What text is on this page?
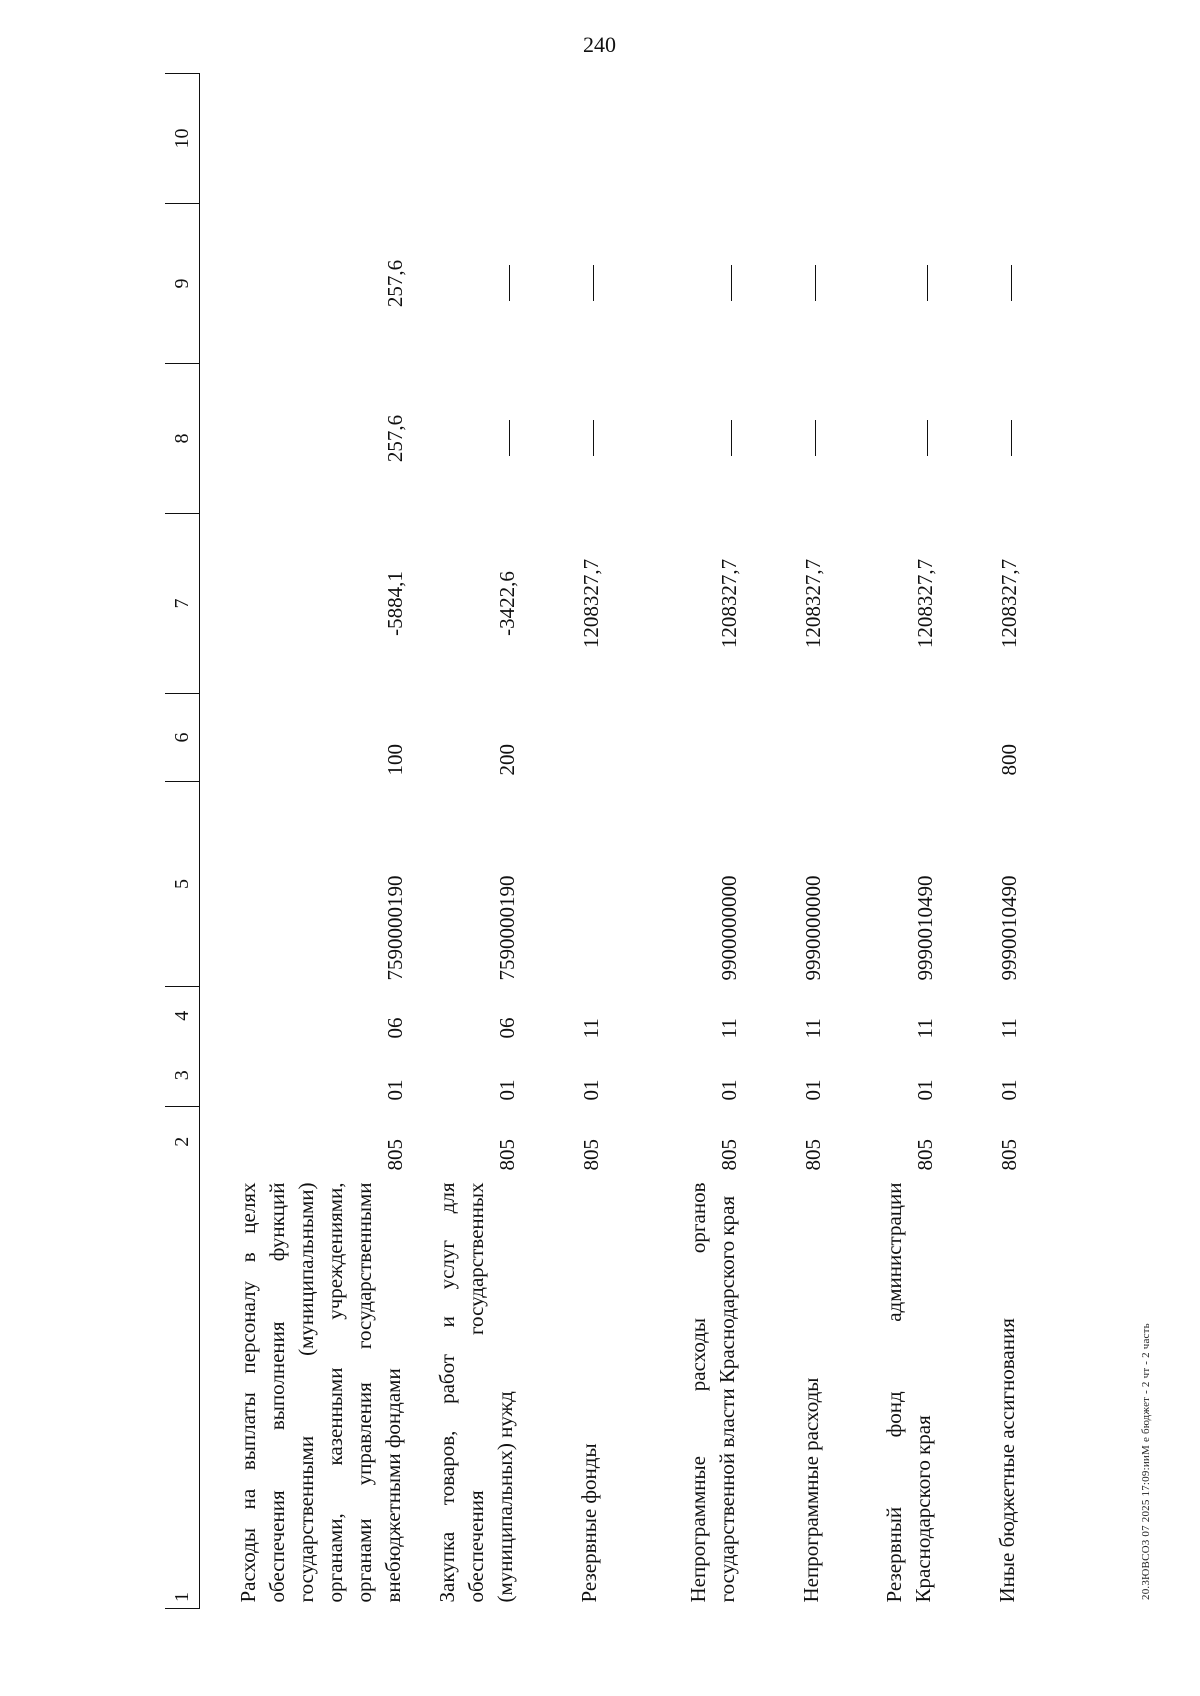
240
20.3ЮВСО3 07 2025 17:09:ииM е бюджет - 2 чт - 2 часть
1	2	3	4	5	6	7	8	9	10
Расходы на выплаты персоналу в целях обеспечения выполнения функций государственными (муниципальными) органами, казенными учреждениями, органами управления государственными внебюджетными фондами	805	01	06	7590000190	100	-5884,1	257,6	257,6	
Закупка товаров, работ и услуг для обеспечения государственных (муниципальных) нужд	805	01	06	7590000190	200	-3422,6			
Резервные фонды	805	01	11			1208327,7			
Непрограммные расходы органов государственной власти Краснодарского края	805	01	11	9900000000		1208327,7			
Непрограммные расходы	805	01	11	9990000000		1208327,7			
Резервный фонд администрации Краснодарского края	805	01	11	9990010490		1208327,7			
Иные бюджетные ассигнования	805	01	11	9990010490	800	1208327,7			
